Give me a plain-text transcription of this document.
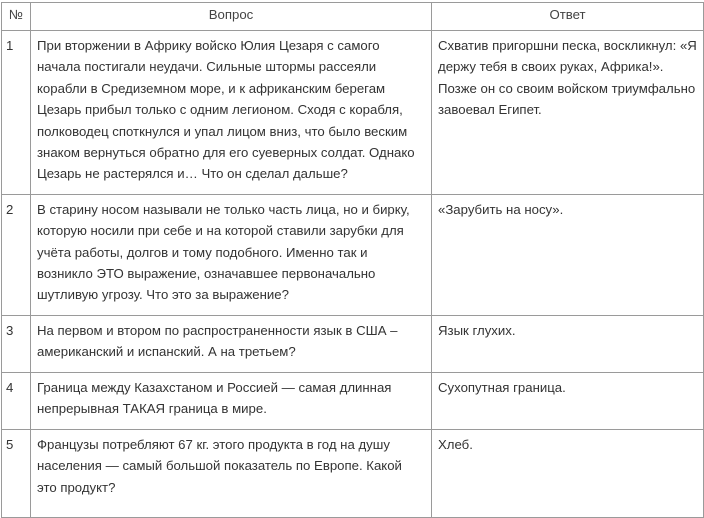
№	Вопрос	Ответ
1	При вторжении в Африку войско Юлия Цезаря с самого начала постигали неудачи. Сильные штормы рассеяли корабли в Средиземном море, и к африканским берегам Цезарь прибыл только с одним легионом. Сходя с корабля, полководец споткнулся и упал лицом вниз, что было веским знаком вернуться обратно для его суеверных солдат. Однако Цезарь не растерялся и… Что он сделал дальше?	Схватив пригоршни песка, воскликнул: «Я держу тебя в своих руках, Африка!». Позже он со своим войском триумфально завоевал Египет.
2	В старину носом называли не только часть лица, но и бирку, которую носили при себе и на которой ставили зарубки для учёта работы, долгов и тому подобного. Именно так и возникло ЭТО выражение, означавшее первоначально шутливую угрозу. Что это за выражение?	«Зарубить на носу».
3	На первом и втором по распространенности язык в США – американский и испанский. А на третьем?	Язык глухих.
4	Граница между Казахстаном и Россией — самая длинная непрерывная ТАКАЯ граница в мире.	Сухопутная граница.
5	Французы потребляют 67 кг. этого продукта в год на душу населения — самый большой показатель по Европе. Какой это продукт?	Хлеб.
